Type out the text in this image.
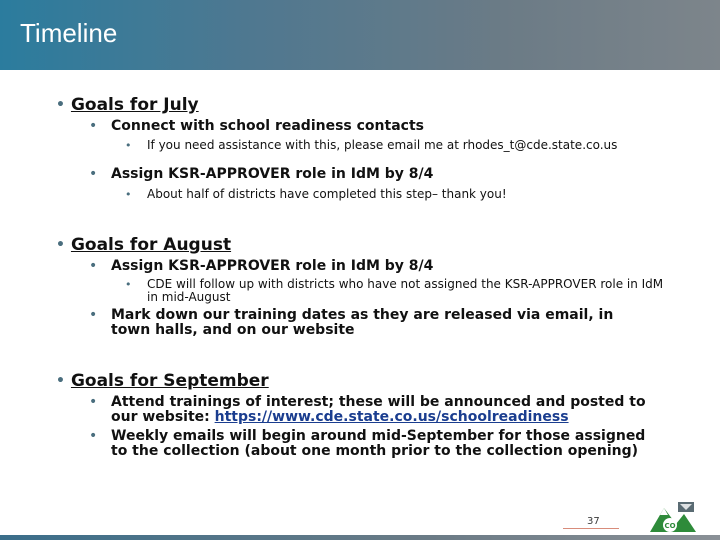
Timeline
• Goals for July
• Connect with school readiness contacts
• If you need assistance with this, please email me at rhodes_t@cde.state.co.us
• Assign KSR-APPROVER role in IdM by 8/4
• About half of districts have completed this step– thank you!
• Goals for August
• Assign KSR-APPROVER role in IdM by 8/4
• CDE will follow up with districts who have not assigned the KSR-APPROVER role in IdM in mid-August
• Mark down our training dates as they are released via email, in town halls, and on our website
• Goals for September
• Attend trainings of interest; these will be announced and posted to our website: https://www.cde.state.co.us/schoolreadiness
• Weekly emails will begin around mid-September for those assigned to the collection (about one month prior to the collection opening)
37	CO
